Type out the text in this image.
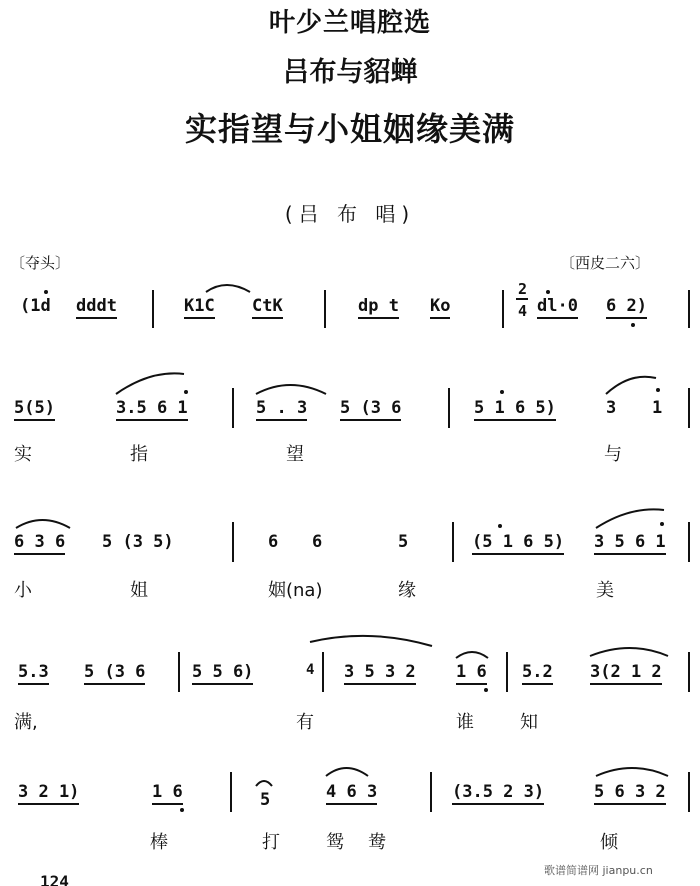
叶少兰唱腔选
吕布与貂蝉
实指望与小姐姻缘美满
(吕 布 唱)
〔夺头〕	〔西皮二六〕
(1d dddt	K1C CtK	dp t Ko
2
4 dl·0 6 2)
5(5)	3.5 6 1	5 . 3 5 (3 6	5 1 6 5)	3 1
实	指	望	与
6 3 6 5 (3 5)	6 6	5	(5 1 6 5) 3 5 6 1
小	姐	姻(na)	缘	美
5.3 5 (3 6	5 5 6)	4 3 5 3 2 1 6 5.2 3(2 1 2
满,	有	谁	知
3 2 1)	1 6	5	4 6 3	(3.5 2 3)	5 6 3 2
棒	打	鸳 鸯	倾
124
歌谱简谱网 jianpu.cn
